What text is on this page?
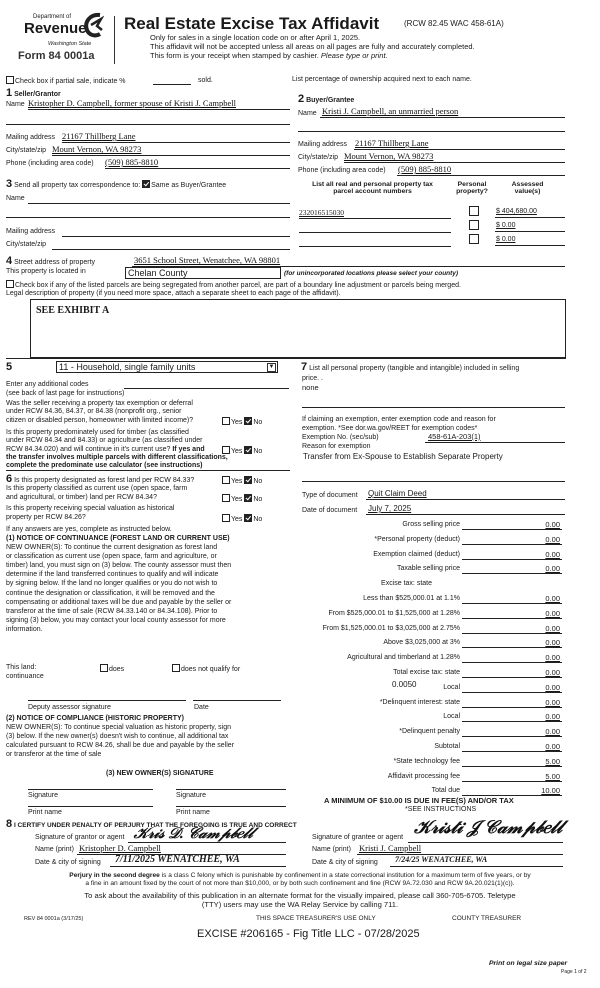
Department of
Revenue
Washington State
Form 84 0001a
Real Estate Excise Tax Affidavit	(RCW 82.45 WAC 458-61A)
Only for sales in a single location code on or after April 1, 2025.
This affidavit will not be accepted unless all areas on all pages are fully and accurately completed.
This form is your receipt when stamped by cashier. Please type or print.
Check box if partial sale, indicate %	sold.	List percentage of ownership acquired next to each name.
1 Seller/Grantor
Name Kristopher D. Campbell, former spouse of Kristi J. Campbell
Mailing address 21167 Thillberg Lane
City/state/zip Mount Vernon, WA 98273
Phone (including area code) (509) 885-8810
2 Buyer/Grantee
Name Kristi J. Campbell, an unmarried person
Mailing address 21167 Thillberg Lane
City/state/zip Mount Vernon, WA 98273
Phone (including area code) (509) 885-8810
3 Send all property tax correspondence to: Same as Buyer/Grantee
Name
Mailing address
City/state/zip
List all real and personal property tax parcel account numbers
Personal property?
Assessed value(s)
232016515030	$ 404,680.00
$ 0.00
$ 0.00
4 Street address of property	3651 School Street, Wenatchee, WA 98801
This property is located in	Chelan County	(for unincorporated locations please select your county)
Check box if any of the listed parcels are being segregated from another parcel, are part of a boundary line adjustment or parcels being merged.
Legal description of property (if you need more space, attach a separate sheet to each page of the affidavit).
SEE EXHIBIT A
5	11 - Household, single family units	▼
Enter any additional codes
(see back of last page for instructions)
Was the seller receiving a property tax exemption or deferral
under RCW 84.36, 84.37, or 84.38 (nonprofit org., senior
citizen or disabled person, homeowner with limited income)?	Yes No
Is this property predominately used for timber (as classified
under RCW 84.34 and 84.33) or agriculture (as classified under
RCW 84.34.020) and will continue in it's current use? If yes and
the transfer involves multiple parcels with different classifications,
complete the predominate use calculator (see instructions)
Yes No
6 Is this property designated as forest land per RCW 84.33?	Yes No
Is this property classified as current use (open space, farm
and agricultural, or timber) land per RCW 84.34?	Yes No
Is this property receiving special valuation as historical
property per RCW 84.26?	Yes No
If any answers are yes, complete as instructed below.
(1) NOTICE OF CONTINUANCE (FOREST LAND OR CURRENT USE)
NEW OWNER(S): To continue the current designation as forest land
or classification as current use (open space, farm and agriculture, or
timber) land, you must sign on (3) below. The county assessor must then
determine if the land transferred continues to qualify and will indicate
by signing below. If the land no longer qualifies or you do not wish to
continue the designation or classification, it will be removed and the
compensating or additional taxes will be due and payable by the seller or
transferor at the time of sale (RCW 84.33.140 or 84.34.108). Prior to
signing (3) below, you may contact your local county assessor for more
information.
This land:
continuance
does	does not qualify for
Deputy assessor signature	Date
(2) NOTICE OF COMPLIANCE (HISTORIC PROPERTY)
NEW OWNER(S): To continue special valuation as historic property, sign
(3) below. If the new owner(s) doesn't wish to continue, all additional tax
calculated pursuant to RCW 84.26, shall be due and payable by the seller
or transferor at the time of sale
(3) NEW OWNER(S) SIGNATURE
Signature	Signature
Print name	Print name
7 List all personal property (tangible and intangible) included in selling
price. .
none
If claiming an exemption, enter exemption code and reason for
exemption. *See dor.wa.gov/REET for exemption codes*
Exemption No. (sec/sub)	458-61A-203(1)
Reason for exemption
Transfer from Ex-Spouse to Establish Separate Property
Type of document Quit Claim Deed
Date of document July 7, 2025
Gross selling price	0.00
*Personal property (deduct)	0.00
Exemption claimed (deduct)	0.00
Taxable selling price	0.00
Excise tax: state
Less than $525,000.01 at 1.1%	0.00
From $525,000.01 to $1,525,000 at 1.28%	0.00
From $1,525,000.01 to $3,025,000 at 2.75%	0.00
Above $3,025,000 at 3%	0.00
Agricultural and timberland at 1.28%	0.00
Total excise tax: state	0.00
Local	0.00
*Delinquent interest: state	0.00
Local	0.00
*Delinquent penalty	0.00
Subtotal	0.00
*State technology fee	5.00
Affidavit processing fee	5.00
Total due	10.00
0.0050
A MINIMUM OF $10.00 IS DUE IN FEE(S) AND/OR TAX
*SEE INSTRUCTIONS
8 I CERTIFY UNDER PENALTY OF PERJURY THAT THE FOREGOING IS TRUE AND CORRECT
Signature of grantor or agent 𝒦𝓇𝒾𝓈 𝒟. 𝒞𝒶𝓂𝓅𝒷𝑒𝓁𝓁
Name (print) Kristopher D. Campbell
Date & city of signing 7/11/2025 WENATCHEE, WA
Signature of grantee or agent
𝒦𝓇𝒾𝓈𝓉𝒾 𝒥 𝒞𝒶𝓂𝓅𝒷𝑒𝓁𝓁
Name (print) Kristi J. Campbell
Date & city of signing 7/24/25 WENATCHEE, WA
Perjury in the second degree is a class C felony which is punishable by confinement in a state correctional institution for a maximum term of five years, or by
a fine in an amount fixed by the court of not more than $10,000, or by both such confinement and fine (RCW 9A.72.030 and RCW 9A.20.021(1)(c)).
To ask about the availability of this publication in an alternate format for the visually impaired, please call 360-705-6705. Teletype
(TTY) users may use the WA Relay Service by calling 711.
REV 84 0001a (3/17/25)	THIS SPACE TREASURER'S USE ONLY	COUNTY TREASURER
EXCISE #206165 - Fig Title LLC - 07/28/2025
Print on legal size paper
Page 1 of 2
